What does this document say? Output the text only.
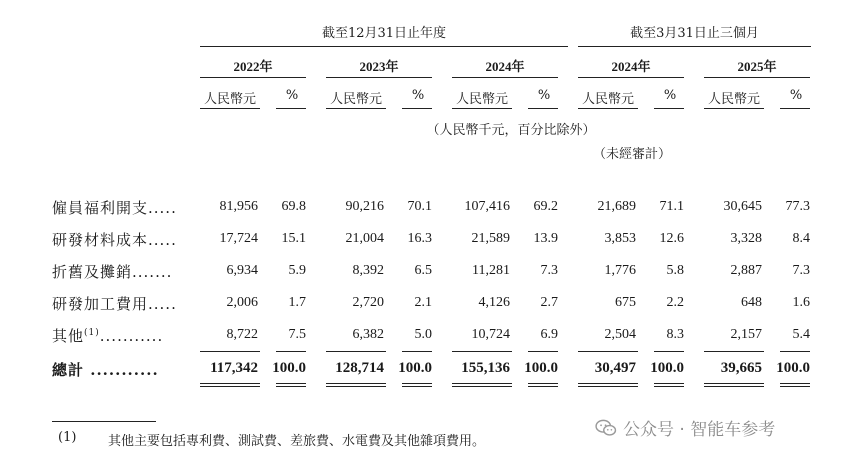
截至12月31日止年度	截至3月31日止三個月
2022年	2023年	2024年	2024年	2025年
人民幣元	%	人民幣元	%	人民幣元	%	人民幣元	%	人民幣元	%
（人民幣千元，百分比除外）
（未經審計）
僱員福利開支.....	81,956	69.8	90,216	70.1	107,416	69.2	21,689	71.1	30,645	77.3
研發材料成本.....	17,724	15.1	21,004	16.3	21,589	13.9	3,853	12.6	3,328	8.4
折舊及攤銷.......	6,934	5.9	8,392	6.5	11,281	7.3	1,776	5.8	2,887	7.3
研發加工費用.....	2,006	1.7	2,720	2.1	4,126	2.7	675	2.2	648	1.6
其他$^{(1)}$...........	8,722	7.5	6,382	5.0	10,724	6.9	2,504	8.3	2,157	5.4
總計 ...........	117,342 100.0	128,714 100.0	155,136 100.0	30,497 100.0	39,665 100.0
(1) 其他主要包括專利費、測試費、差旅費、水電費及其他雜項費用。
公众号 · 智能车参考
